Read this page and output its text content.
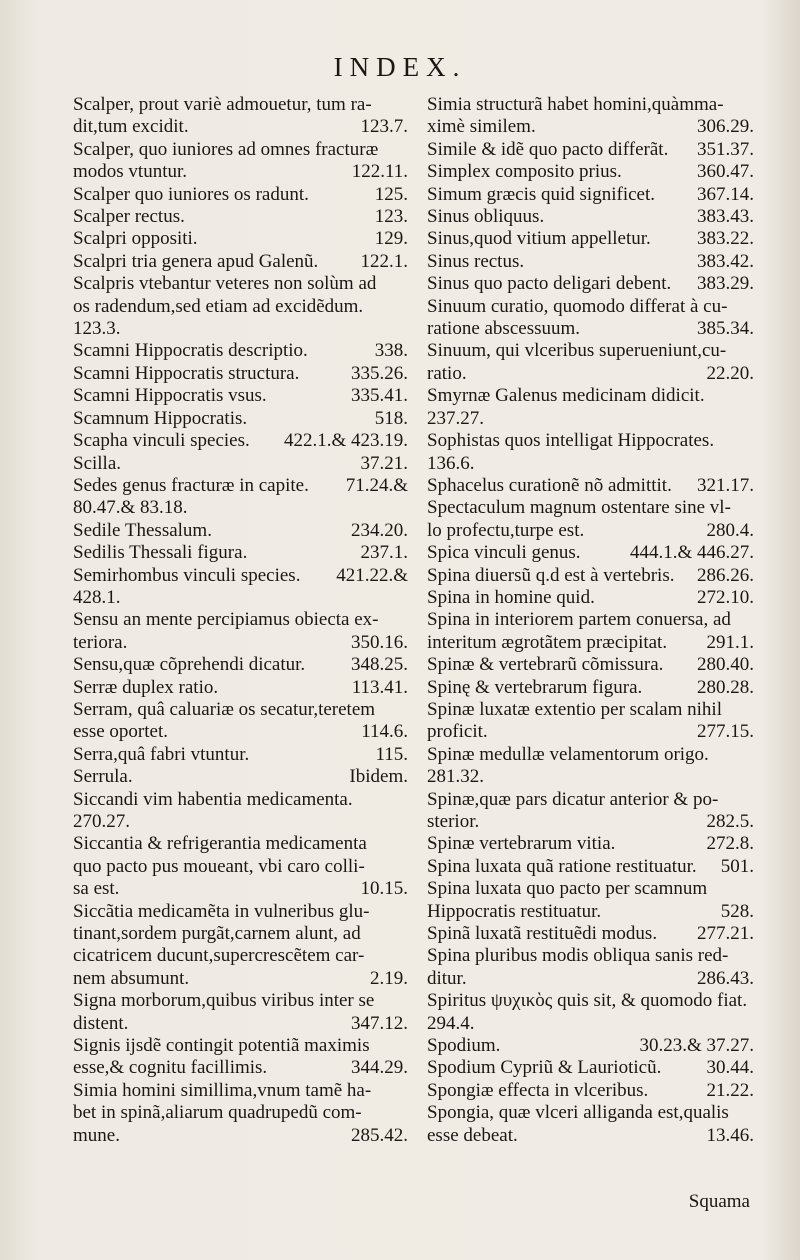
INDEX.
Scalper, prout variè admouetur, tum ra-
dit,tum excidit.	123.7.
Scalper, quo iuniores ad omnes fracturæ
modos vtuntur.	122.11.
Scalper quo iuniores os radunt.	125.
Scalper rectus.	123.
Scalpri oppositi.	129.
Scalpri tria genera apud Galenũ.	122.1.
Scalpris vtebantur veteres non solùm ad
os radendum,sed etiam ad excidẽdum.
123.3.
Scamni Hippocratis descriptio.	338.
Scamni Hippocratis structura.	335.26.
Scamni Hippocratis vsus.	335.41.
Scamnum Hippocratis.	518.
Scapha vinculi species.	422.1.& 423.19.
Scilla.	37.21.
Sedes genus fracturæ in capite.	71.24.&
80.47.& 83.18.
Sedile Thessalum.	234.20.
Sedilis Thessali figura.	237.1.
Semirhombus vinculi species.	421.22.&
428.1.
Sensu an mente percipiamus obiecta ex-
teriora.	350.16.
Sensu,quæ cõprehendi dicatur.	348.25.
Serræ duplex ratio.	113.41.
Serram, quâ caluariæ os secatur,teretem
esse oportet.	114.6.
Serra,quâ fabri vtuntur.	115.
Serrula.	Ibidem.
Siccandi vim habentia medicamenta.
270.27.
Siccantia & refrigerantia medicamenta
quo pacto pus moueant, vbi caro colli-
sa est.	10.15.
Siccãtia medicamẽta in vulneribus glu-
tinant,sordem purgãt,carnem alunt, ad
cicatricem ducunt,supercrescẽtem car-
nem absumunt.	2.19.
Signa morborum,quibus viribus inter se
distent.	347.12.
Signis ijsdẽ contingit potentiã maximis
esse,& cognitu facillimis.	344.29.
Simia homini simillima,vnum tamẽ ha-
bet in spinã,aliarum quadrupedũ com-
mune.	285.42.
Simia structurã habet homini,quàmma-
ximè similem.	306.29.
Simile & idẽ quo pacto differãt.	351.37.
Simplex composito prius.	360.47.
Simum græcis quid significet.	367.14.
Sinus obliquus.	383.43.
Sinus,quod vitium appelletur.	383.22.
Sinus rectus.	383.42.
Sinus quo pacto deligari debent.	383.29.
Sinuum curatio, quomodo differat à cu-
ratione abscessuum.	385.34.
Sinuum, qui vlceribus superueniunt,cu-
ratio.	22.20.
Smyrnæ Galenus medicinam didicit.
237.27.
Sophistas quos intelligat Hippocrates.
136.6.
Sphacelus curationẽ nõ admittit.	321.17.
Spectaculum magnum ostentare sine vl-
lo profectu,turpe est.	280.4.
Spica vinculi genus.	444.1.& 446.27.
Spina diuersũ q.d est à vertebris.	286.26.
Spina in homine quid.	272.10.
Spina in interiorem partem conuersa, ad
interitum ægrotãtem præcipitat.	291.1.
Spinæ & vertebrarũ cõmissura.	280.40.
Spinę & vertebrarum figura.	280.28.
Spinæ luxatæ extentio per scalam nihil
proficit.	277.15.
Spinæ medullæ velamentorum origo.
281.32.
Spinæ,quæ pars dicatur anterior & po-
sterior.	282.5.
Spinæ vertebrarum vitia.	272.8.
Spina luxata quã ratione restituatur.	501.
Spina luxata quo pacto per scamnum
Hippocratis restituatur.	528.
Spinã luxatã restituẽdi modus.	277.21.
Spina pluribus modis obliqua sanis red-
ditur.	286.43.
Spiritus ψυχικὸς quis sit, & quomodo fiat.
294.4.
Spodium.	30.23.& 37.27.
Spodium Cypriũ & Laurioticũ.	30.44.
Spongiæ effecta in vlceribus.	21.22.
Spongia, quæ vlceri alliganda est,qualis
esse debeat.	13.46.
Squama
